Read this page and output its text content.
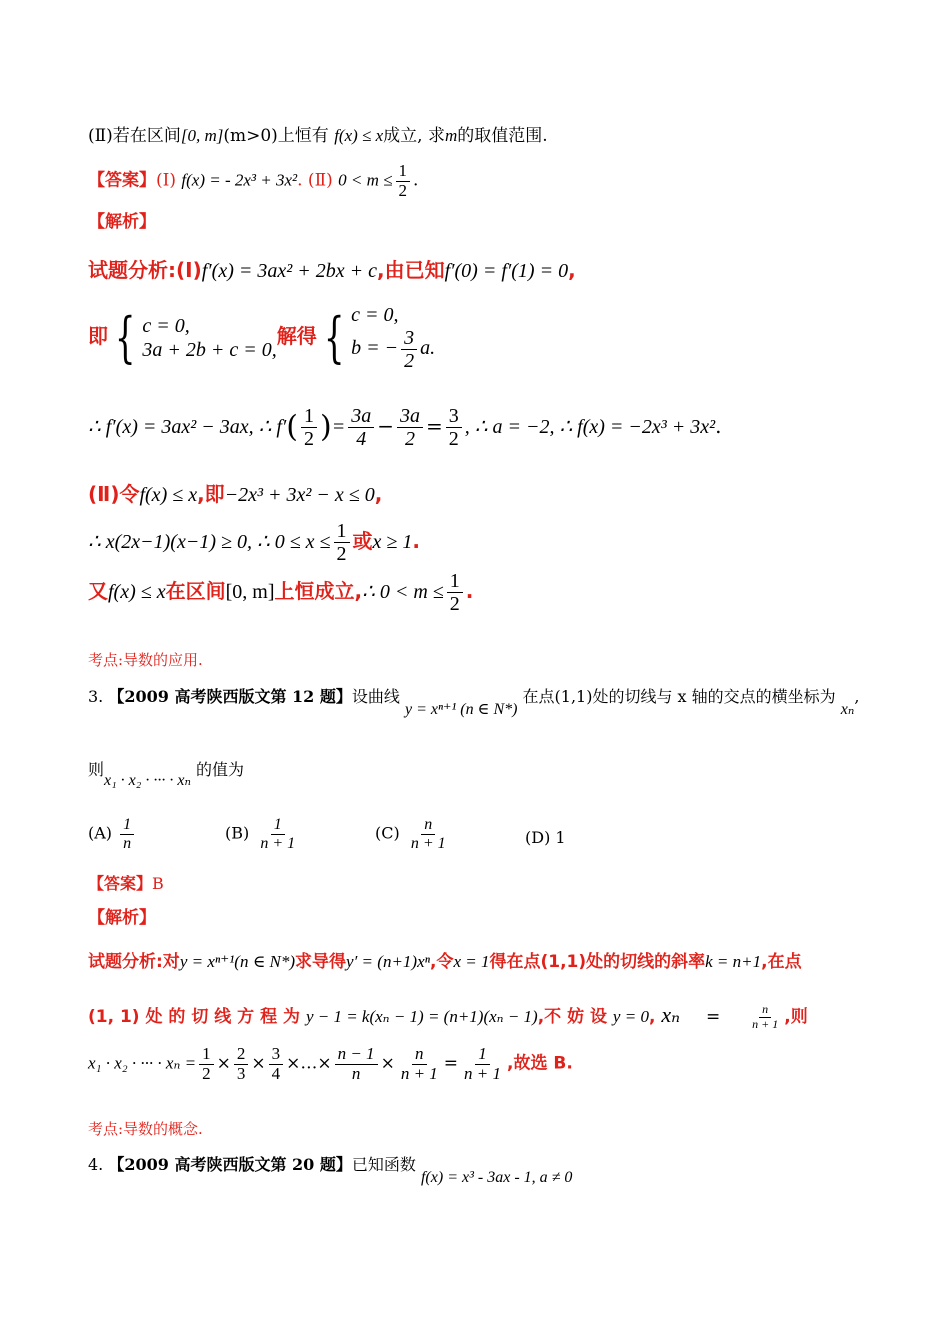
(Ⅱ)若在区间[0, m](m>0)上恒有 f(x) ≤ x成立, 求m的取值范围.
【答案】(Ⅰ) f(x) = - 2x³ + 3x². (Ⅱ) $0 < m \le \frac{1}{2}$ .
【解析】
试题分析:(Ⅰ)f′(x) = 3ax² + 2bx + c,由已知f′(0) = f′(1) = 0,
即 { c = 0,
3a + 2b + c = 0,
解得 { c = 0,
b = − $\frac{3}{2} a$.
∴ f′(x) = 3ax² − 3ax, ∴ $f'( \frac{1}{2}$ )= $\frac{3a}{4} - \frac{3a}{2} = \frac{3}{2}$ , ∴ a = −2, ∴ f(x) = −2x³ + 3x².
(Ⅱ)令f(x) ≤ x,即−2x³ + 3x² − x ≤ 0,
∴ x(2x−1)(x−1) ≥ 0, ∴ $0 \le x \le \frac{1}{2}$ 或x ≥ 1.
又f(x) ≤ x在区间[0, m]上恒成立,∴ $0 < m \le \frac{1}{2}$ .
考点:导数的应用.
3. 【2009 高考陕西版文第 12 题】设曲线 y = xⁿ⁺¹ (n ∈ N*) 在点(1,1)处的切线与 x 轴的交点的横坐标为 xₙ,
则x₁ · x₂ · ··· · xₙ 的值为
$(A) \frac{1}{n}$	$(B) \frac{1}{n + 1}$	$(C) \frac{n}{n + 1}$	(D) 1
【答案】B
【解析】
试题分析:对y = xⁿ⁺¹(n ∈ N*)求导得y′ = (n+1)xⁿ,令x = 1得在点(1,1)处的切线的斜率k = n+1,在点
(1, 1) 处 的 切 线 方 程 为 y − 1 = k(xₙ − 1) = (n+1)(xₙ − 1),不 妨 设 y = 0, $x_n = \frac{n}{n + 1}$ ,则
x₁ · x₂ · ··· · $x_n = \frac{1}{2} \times \frac{2}{3} \times \frac{3}{4}$ ×…× $\frac{n - 1}{n} \times \frac{n}{n + 1} = \frac{1}{n + 1}$ ,故选 B.
考点:导数的概念.
4. 【2009 高考陕西版文第 20 题】已知函数 f(x) = x³ - 3ax - 1, a ≠ 0
